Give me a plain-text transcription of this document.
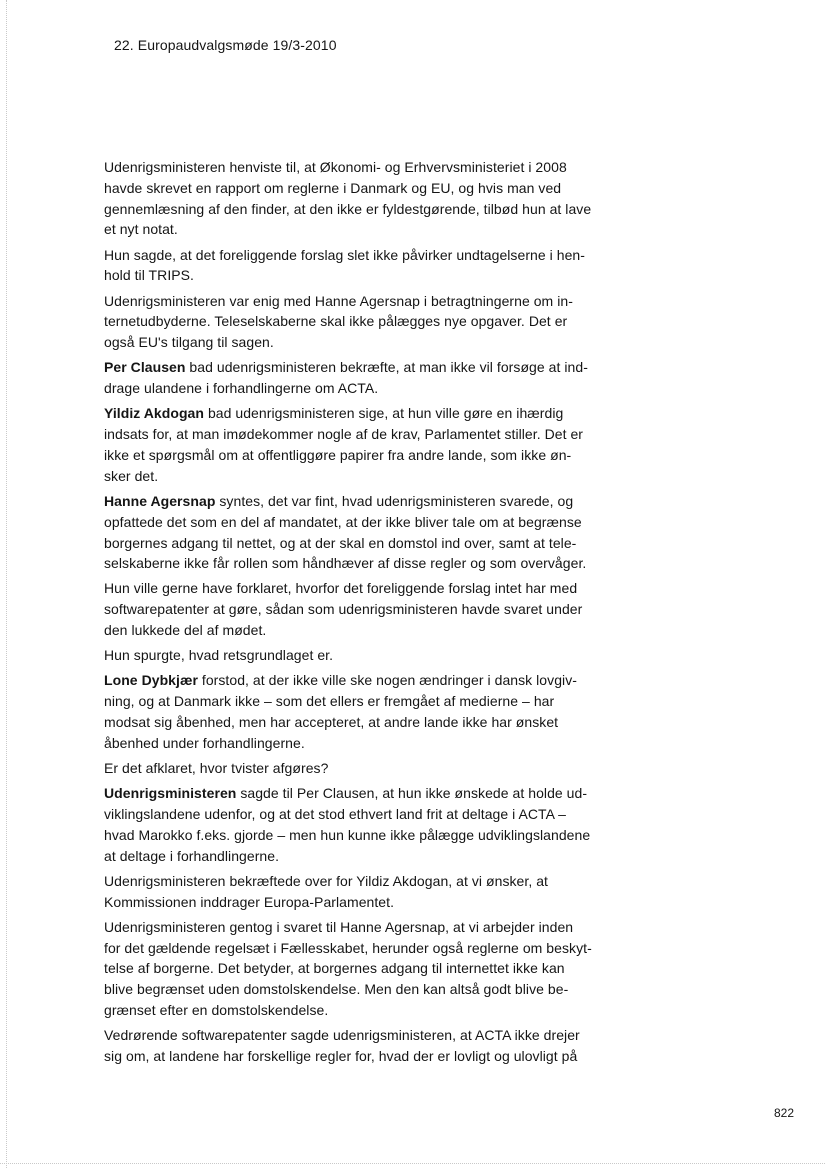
22. Europaudvalgsmøde 19/3-2010

Udenrigsministeren henviste til, at Økonomi- og Erhvervsministeriet i 2008
havde skrevet en rapport om reglerne i Danmark og EU, og hvis man ved
gennemlæsning af den finder, at den ikke er fyldestgørende, tilbød hun at lave
et nyt notat.

Hun sagde, at det foreliggende forslag slet ikke påvirker undtagelserne i hen-
hold til TRIPS.

Udenrigsministeren var enig med Hanne Agersnap i betragtningerne om in-
ternetudbyderne. Teleselskaberne skal ikke pålægges nye opgaver. Det er
også EU's tilgang til sagen.

Per Clausen bad udenrigsministeren bekræfte, at man ikke vil forsøge at ind-
drage ulandene i forhandlingerne om ACTA.

Yildiz Akdogan bad udenrigsministeren sige, at hun ville gøre en ihærdig
indsats for, at man imødekommer nogle af de krav, Parlamentet stiller. Det er
ikke et spørgsmål om at offentliggøre papirer fra andre lande, som ikke øn-
sker det.

Hanne Agersnap syntes, det var fint, hvad udenrigsministeren svarede, og
opfattede det som en del af mandatet, at der ikke bliver tale om at begrænse
borgernes adgang til nettet, og at der skal en domstol ind over, samt at tele-
selskaberne ikke får rollen som håndhæver af disse regler og som overvåger.

Hun ville gerne have forklaret, hvorfor det foreliggende forslag intet har med
softwarepatenter at gøre, sådan som udenrigsministeren havde svaret under
den lukkede del af mødet.

Hun spurgte, hvad retsgrundlaget er.

Lone Dybkjær forstod, at der ikke ville ske nogen ændringer i dansk lovgiv-
ning, og at Danmark ikke – som det ellers er fremgået af medierne – har
modsat sig åbenhed, men har accepteret, at andre lande ikke har ønsket
åbenhed under forhandlingerne.

Er det afklaret, hvor tvister afgøres?

Udenrigsministeren sagde til Per Clausen, at hun ikke ønskede at holde ud-
viklingslandene udenfor, og at det stod ethvert land frit at deltage i ACTA –
hvad Marokko f.eks. gjorde – men hun kunne ikke pålægge udviklingslandene
at deltage i forhandlingerne.

Udenrigsministeren bekræftede over for Yildiz Akdogan, at vi ønsker, at
Kommissionen inddrager Europa-Parlamentet.

Udenrigsministeren gentog i svaret til Hanne Agersnap, at vi arbejder inden
for det gældende regelsæt i Fællesskabet, herunder også reglerne om beskyt-
telse af borgerne. Det betyder, at borgernes adgang til internettet ikke kan
blive begrænset uden domstolskendelse. Men den kan altså godt blive be-
grænset efter en domstolskendelse.

Vedrørende softwarepatenter sagde udenrigsministeren, at ACTA ikke drejer
sig om, at landene har forskellige regler for, hvad der er lovligt og ulovligt på

822
